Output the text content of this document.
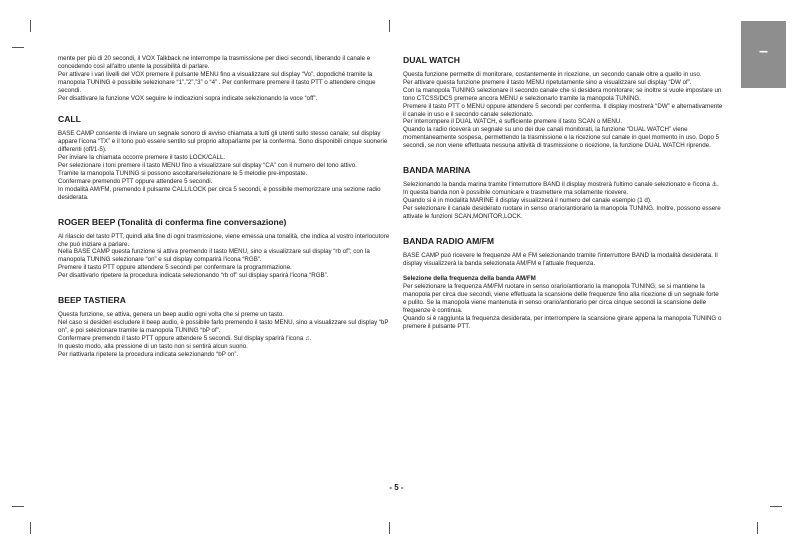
–

mente per più di 20 secondi, il VOX Talkback ne interrompe la trasmissione per dieci secondi, liberando il canale e concedendo così all'altro utente la possibilità di parlare.

Per attivare i vari livelli del VOX premere il pulsante MENU fino a visualizzare sul display “Vo”, dopodiché tramite la manopola TUNING è possibile selezionare “1”,”2”,”3” o “4” . Per confermare premere il tasto PTT o attendere cinque secondi.

Per disattivare la funzione VOX seguire le indicazioni sopra indicate selezionando la voce “off”.

CALL

BASE CAMP consente di inviare un segnale sonoro di avviso chiamata a tutti gli utenti sullo stesso canale; sul display appare l'icona “TX” e il tono può essere sentito sul proprio altoparlante per la conferma. Sono disponibili cinque suonerie differenti (off/1-5).

Per inviare la chiamata occorre premere il tasto LOCK/CALL.

Per selezionare i toni premere il tasto MENU fino a visualizzare sul display “CA” con il numero del tono attivo.

Tramite la manopola TUNING si possono ascoltare/selezionare le 5 melodie pre-impostate.

Confermare premendo PTT oppure attendere 5 secondi.

In modalità AM/FM, premendo il pulsante CALL/LOCK per circa 5 secondi, è possibile memorizzare una sezione radio desiderata.

ROGER BEEP (Tonalità di conferma fine conversazione)

Al rilascio del tasto PTT, quindi alla fine di ogni trasmissione, viene emessa una tonalità, che indica al vostro interlocutore che può iniziare a parlare.

Nella BASE CAMP questa funzione si attiva premendo il tasto MENU, sino a visualizzare sul display “rb of”; con la manopola TUNING selezionare “on” e sul display comparirà l'icona “RGB”.

Premere il tasto PTT oppure attendere 5 secondi per confermare la programmazione.

Per disattivarlo ripetere la procedura indicata selezionando “rb of” sul display sparirà l'icona “RGB”.

BEEP TASTIERA

Questa funzione, se attiva, genera un beep audio ogni volta che si preme un tasto.

Nel caso si desideri escludere il beep audio, è possibile farlo premendo il tasto MENU, sino a visualizzare sul display “bP on”, e poi selezionare tramite la manopola TUNING “bP of”.

Confermare premendo il tasto PTT oppure attendere 5 secondi. Sul display sparirà l'icona ♫.

In questo modo, alla pressione di un tasto non si sentirà alcun suono.

Per riattivarla ripetere la procedura indicata selezionando “bP on”.

DUAL WATCH

Questa funzione permette di monitorare, costantemente in ricezione, un secondo canale oltre a quello in uso.

Per attivare questa funzione premere il tasto MENU ripetutamente sino a visualizzare sul display “DW of”.

Con la manopola TUNING selezionare il secondo canale che si desidera monitorare; se inoltre si vuole impostare un tono CTCSS/DCS premere ancora MENU e selezionarlo tramite la manopola TUNING.

Premere il tasto PTT o MENU oppure attendere 5 secondi per conferma. Il display mostrerà “DW” e alternativamente il canale in uso e il secondo canale selezionato.

Per interrompere il DUAL WATCH, è sufficiente premere il tasto SCAN o MENU.

Quando la radio riceverà un segnale su uno dei due canali monitorati, la funzione “DUAL WATCH” viene momentaneamente sospesa, permettendo la trasmissione e la ricezione sul canale in quel momento in uso. Dopo 5 secondi, se non viene effettuata nessuna attività di trasmissione o ricezione, la funzione DUAL WATCH riprende.

BANDA MARINA

Selezionando la banda marina tramite l'interruttore BAND il display mostrerà l'ultimo canale selezionato e l'icona ⚓. In questa banda non è possibile comunicare e trasmettere ma solamente ricevere.

Quando si è in modalità MARINE il display visualizzerà il numero del canale esempio (1 d).

Per selezionare il canale desiderato ruotare in senso orario/antiorario la manopola TUNING. Inoltre, possono essere attivate le funzioni SCAN,MONITOR,LOCK.

BANDA RADIO AM/FM

BASE CAMP può ricevere le frequenze AM e FM selezionando tramite l'interruttore BAND la modalità desiderata. Il display visualizzerà la banda selezionata AM/FM e l'attuale frequenza.

Selezione della frequenza della banda AM/FM

Per selezionare la frequenza AM/FM ruotare in senso orario/antiorario la manopola TUNING; se si mantiene la manopola per circa due secondi, viene effettuata la scansione delle frequenze fino alla ricezione di un segnale forte e pulito. Se la manopola viene mantenuta in senso orario/antiorario per circa cinque secondi la scansione delle frequenze è continua.

Quando si è raggiunta la frequenza desiderata, per interrompere la scansione girare appena la manopola TUNING o premere il pulsante PTT.

- 5 -
